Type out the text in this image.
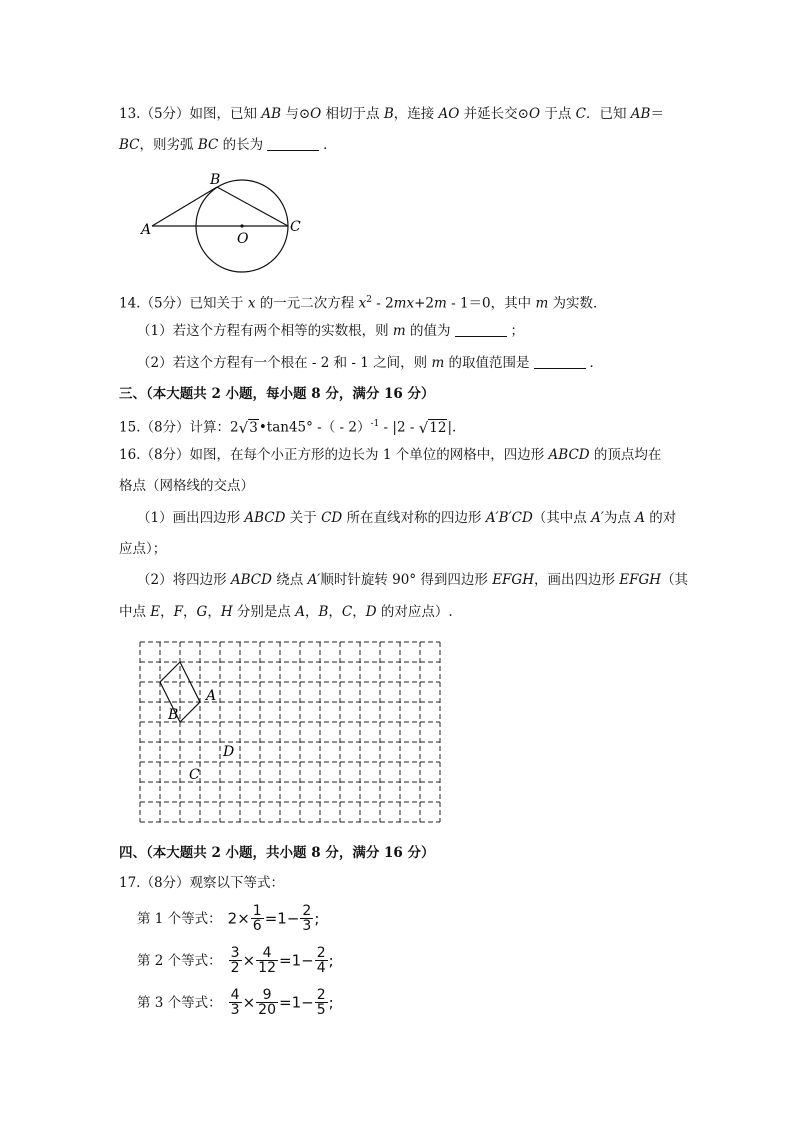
13.（5分）如图，已知 AB 与⊙O 相切于点 B，连接 AO 并延长交⊙O 于点 C．已知 AB＝
BC，则劣弧 BC 的长为	．
A
B
O
C
14.（5分）已知关于 x 的一元二次方程 $x^2 - 2mx+2m - 1=0$，其中 m 为实数．
（1）若这个方程有两个相等的实数根，则 m 的值为	；
（2）若这个方程有一个根在 - 2 和 - 1 之间，则 m 的取值范围是	．
三、（本大题共 2 小题，每小题 8 分，满分 16 分）
15.（8分）计算：2√3•tan45° -（ - 2）$^{-1}$ - |2 - √12|.
16.（8分）如图，在每个小正方形的边长为 1 个单位的网格中，四边形 ABCD 的顶点均在
格点（网格线的交点）
（1）画出四边形 ABCD 关于 CD 所在直线对称的四边形 A′B′CD（其中点 A′为点 A 的对
应点）；
（2）将四边形 ABCD 绕点 A′顺时针旋转 90° 得到四边形 EFGH，画出四边形 EFGH（其
中点 E，F，G，H 分别是点 A，B，C，D 的对应点）.
A
B
C
D
四、（本大题共 2 小题，共小题 8 分，满分 16 分）
17.（8分）观察以下等式：
第 1 个等式： $2\times \frac{1}{6} =1- \frac{2}{3}$ ;
第 2 个等式： $\frac{3}{2} \times \frac{4}{12} =1- \frac{2}{4}$ ;
第 3 个等式： $\frac{4}{3} \times \frac{9}{20} =1- \frac{2}{5}$ ;
